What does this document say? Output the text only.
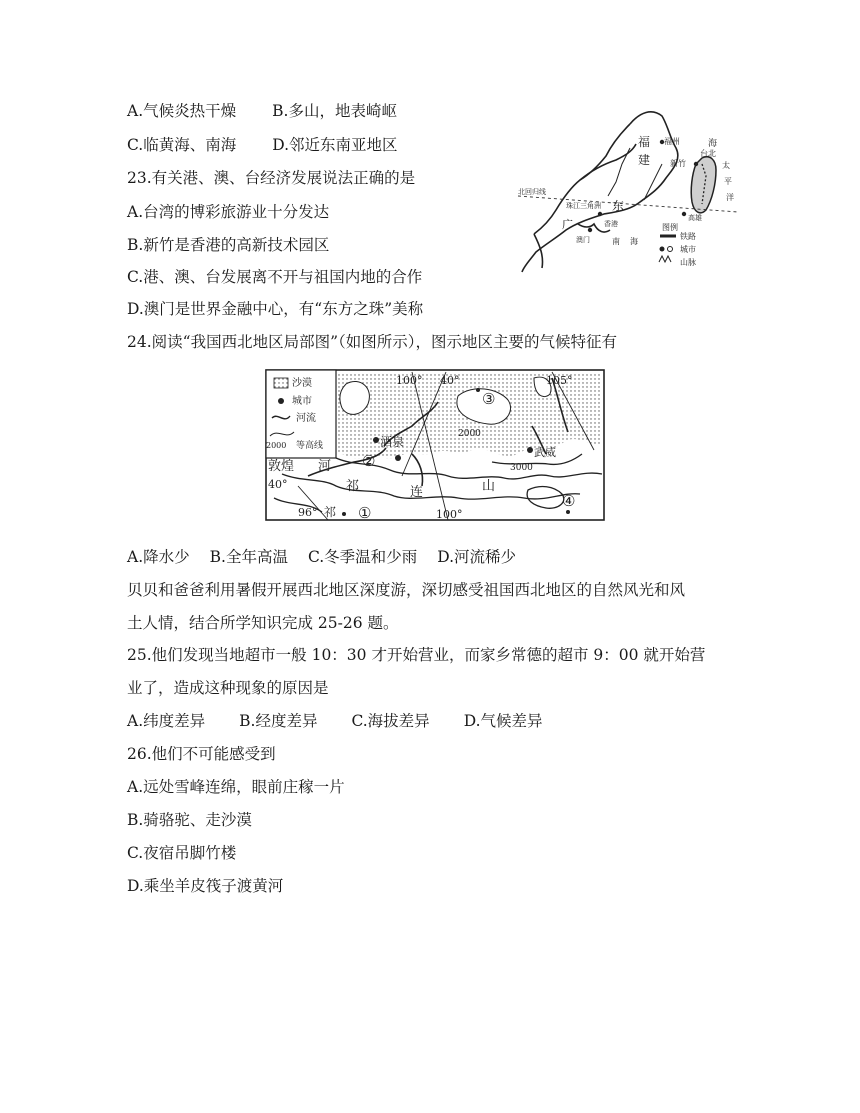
A.气候炎热干燥 B.多山，地表崎岖
C.临黄海、南海 D.邻近东南亚地区
23.有关港、澳、台经济发展说法正确的是
A.台湾的博彩旅游业十分发达
B.新竹是香港的高新技术园区
C.港、澳、台发展离不开与祖国内地的合作
D.澳门是世界金融中心，有“东方之珠”美称
福
建
东
海
福州
新竹
台北
北回归线
珠江三角洲
广	香港
澳门	南 海
高雄
太
平
洋
图例
铁路
城市
山脉
24.阅读“我国西北地区局部图”（如图所示），图示地区主要的气候特征有
沙漠
城市
河流
2000 等高线
100° 40°	105°
③
2000
酒泉
②	武威
3000
敦煌 河
40°	祁	连	山
④
96° 祁 ①	100°
A.降水少 B.全年高温 C.冬季温和少雨 D.河流稀少
贝贝和爸爸利用暑假开展西北地区深度游，深切感受祖国西北地区的自然风光和风
土人情，结合所学知识完成 25-26 题。
25.他们发现当地超市一般 10：30 才开始营业，而家乡常德的超市 9：00 就开始营
业了，造成这种现象的原因是
A.纬度差异 B.经度差异 C.海拔差异 D.气候差异
26.他们不可能感受到
A.远处雪峰连绵，眼前庄稼一片
B.骑骆驼、走沙漠
C.夜宿吊脚竹楼
D.乘坐羊皮筏子渡黄河
